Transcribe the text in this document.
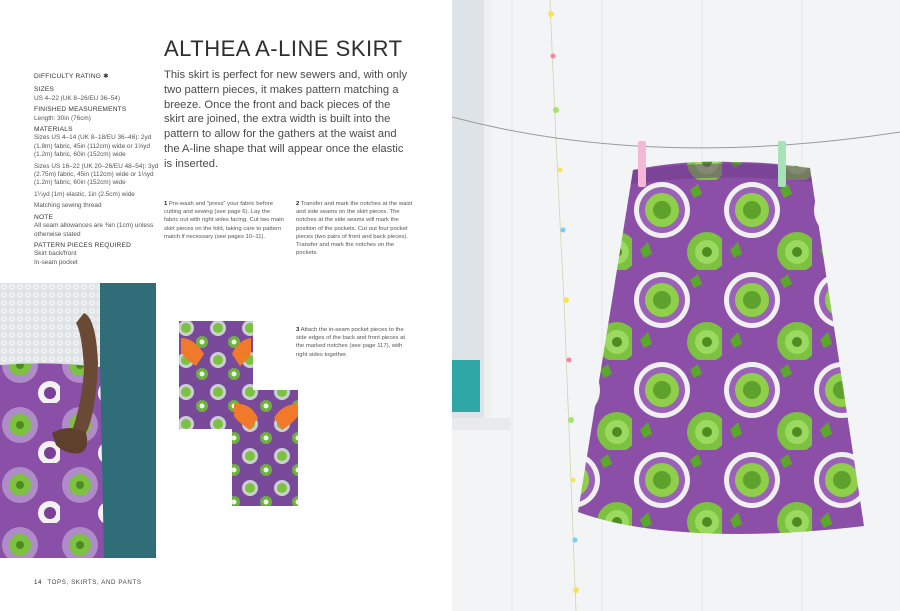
ALTHEA A-LINE SKIRT

This skirt is perfect for new sewers and, with only two pattern pieces, it makes pattern matching a breeze. Once the front and back pieces of the skirt are joined, the extra width is built into the pattern to allow for the gathers at the waist and the A-line shape that will appear once the elastic is inserted.

DIFFICULTY RATING ✱

SIZES

US 4–22 (UK 8–26/EU 36–54)

FINISHED MEASUREMENTS

Length: 30in (76cm)

MATERIALS

Sizes US 4–14 (UK 8–18/EU 36–46): 2yd (1.8m) fabric, 45in (112cm) wide or 1⅓yd (1.2m) fabric, 60in (152cm) wide

Sizes US 16–22 (UK 20–26/EU 48–54): 3yd (2.75m) fabric, 45in (112cm) wide or 1⅓yd (1.2m) fabric, 60in (152cm) wide

1¼yd (1m) elastic, 1in (2.5cm) wide

Matching sewing thread

NOTE

All seam allowances are ⅜in (1cm) unless otherwise stated

PATTERN PIECES REQUIRED

Skirt back/front

In-seam pocket

1 Pre-wash and "press" your fabric before cutting and sewing (see page 6). Lay the fabric out with right sides facing. Cut two main skirt pieces on the fold, taking care to pattern match if necessary (see pages 10–11).

2 Transfer and mark the notches at the waist and side seams on the skirt pieces. The notches at the side seams will mark the position of the pockets. Cut out four pocket pieces (two pairs of front and back pieces). Transfer and mark the notches on the pockets.

3 Attach the in-seam pocket pieces to the side edges of the back and front pieces at the marked notches (see page 117), with right sides together.

14 TOPS, SKIRTS, AND PANTS
